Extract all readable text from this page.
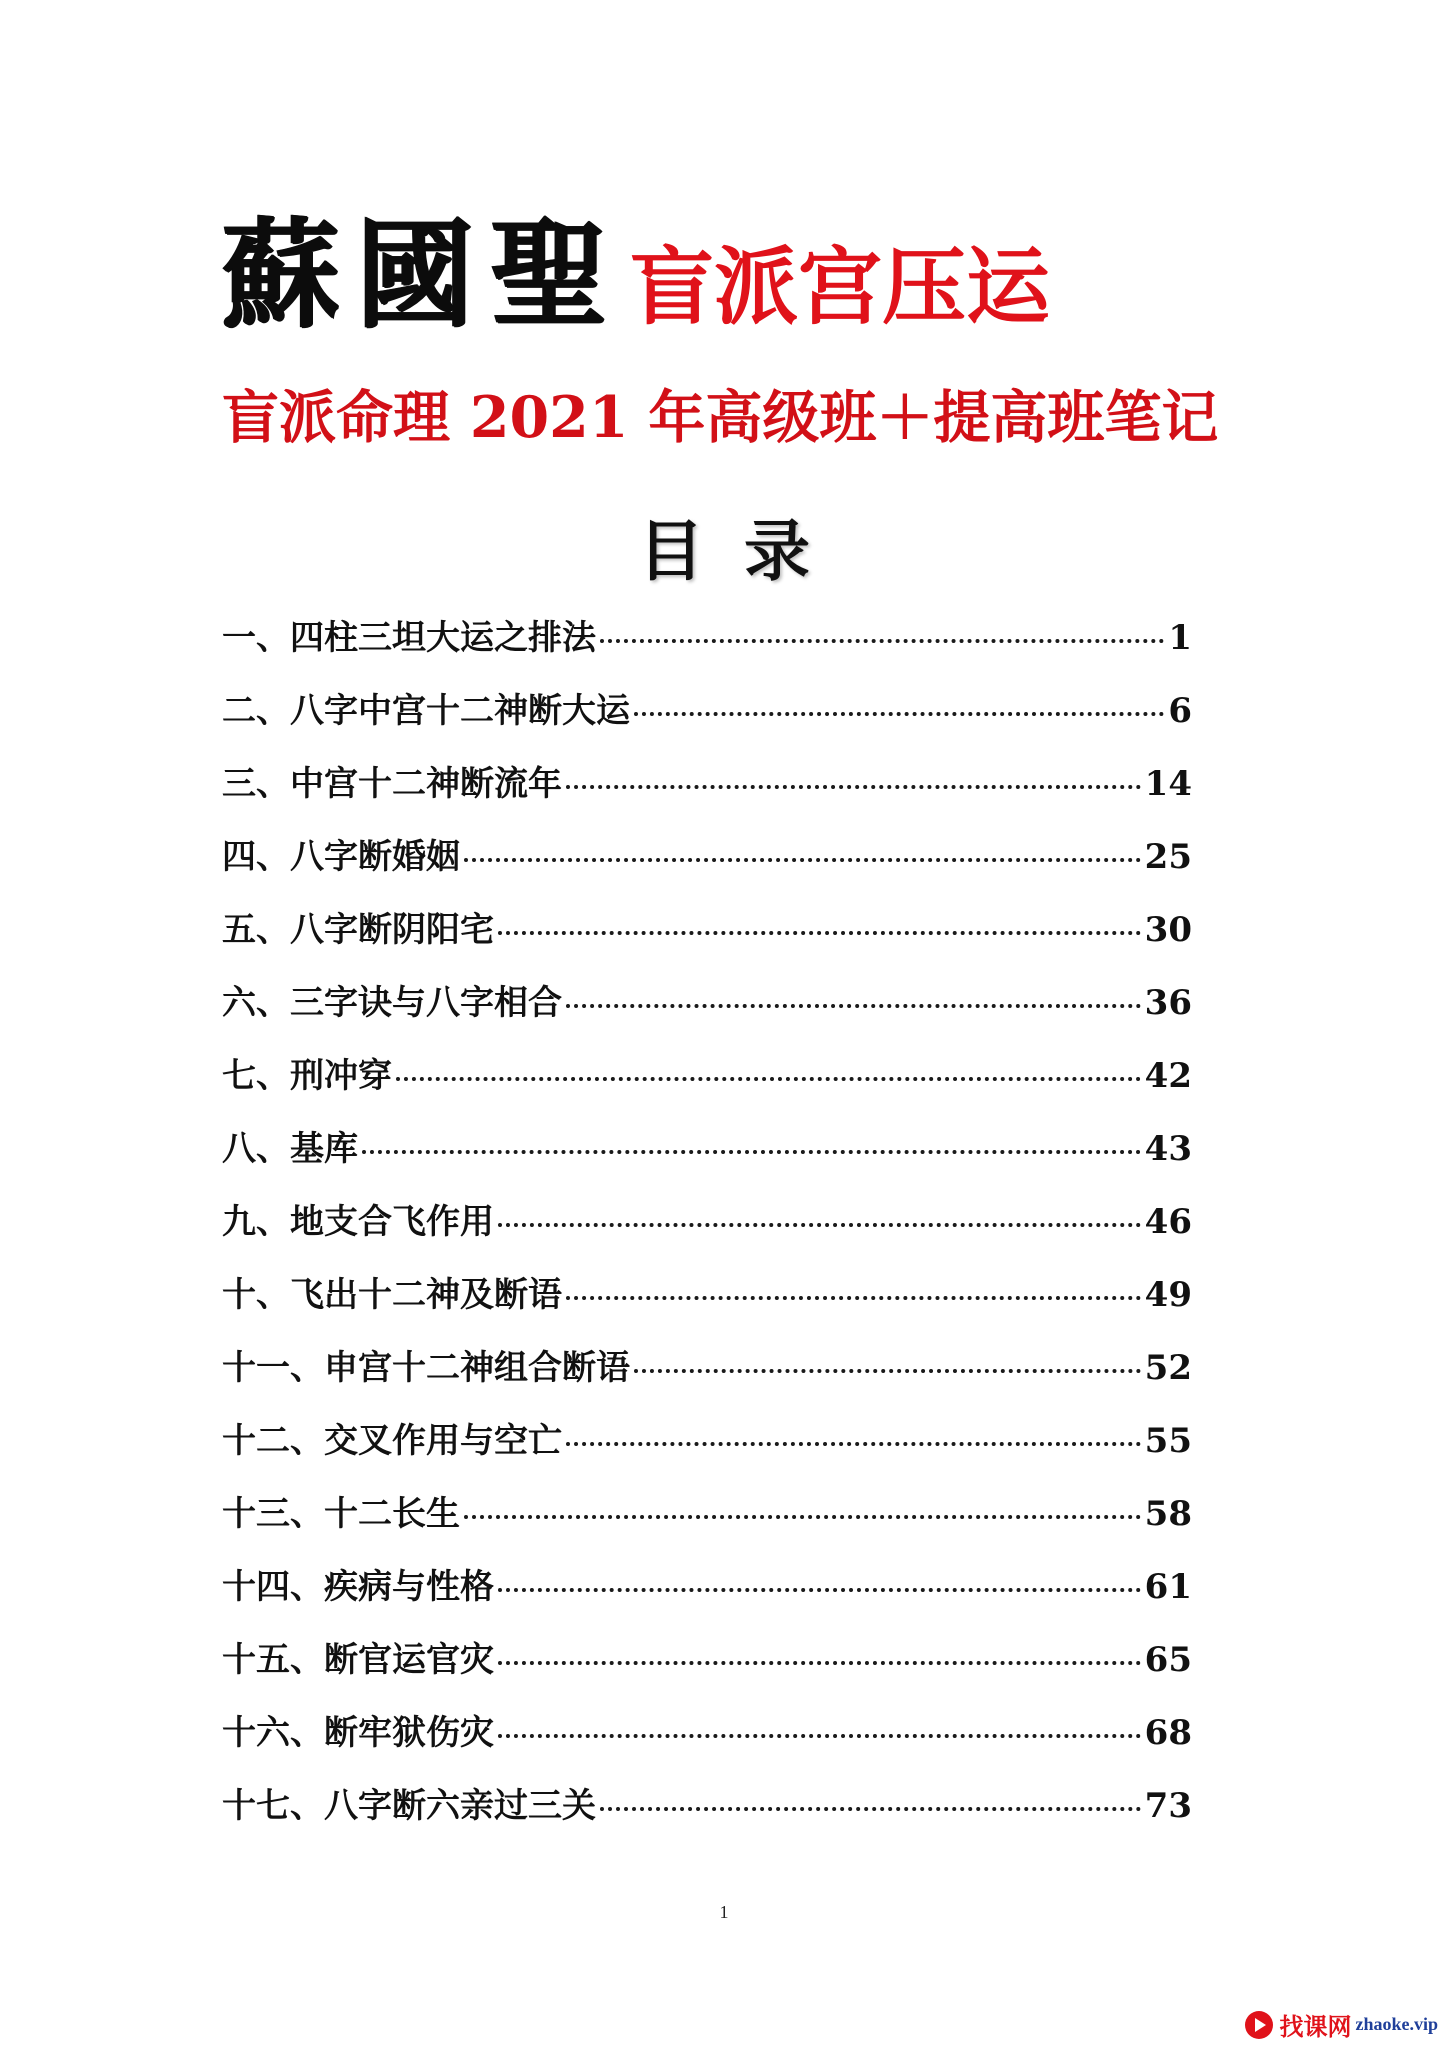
蘇國聖盲派宫压运
盲派命理 2021 年高级班＋提高班笔记
目录
一、四柱三坦大运之排法	1
二、八字中宫十二神断大运	6
三、中宫十二神断流年	14
四、八字断婚姻	25
五、八字断阴阳宅	30
六、三字诀与八字相合	36
七、刑冲穿	42
八、基库	43
九、地支合飞作用	46
十、飞出十二神及断语	49
十一、申宫十二神组合断语	52
十二、交叉作用与空亡	55
十三、十二长生	58
十四、疾病与性格	61
十五、断官运官灾	65
十六、断牢狱伤灾	68
十七、八字断六亲过三关	73
1
找课网 zhaoke.vip
